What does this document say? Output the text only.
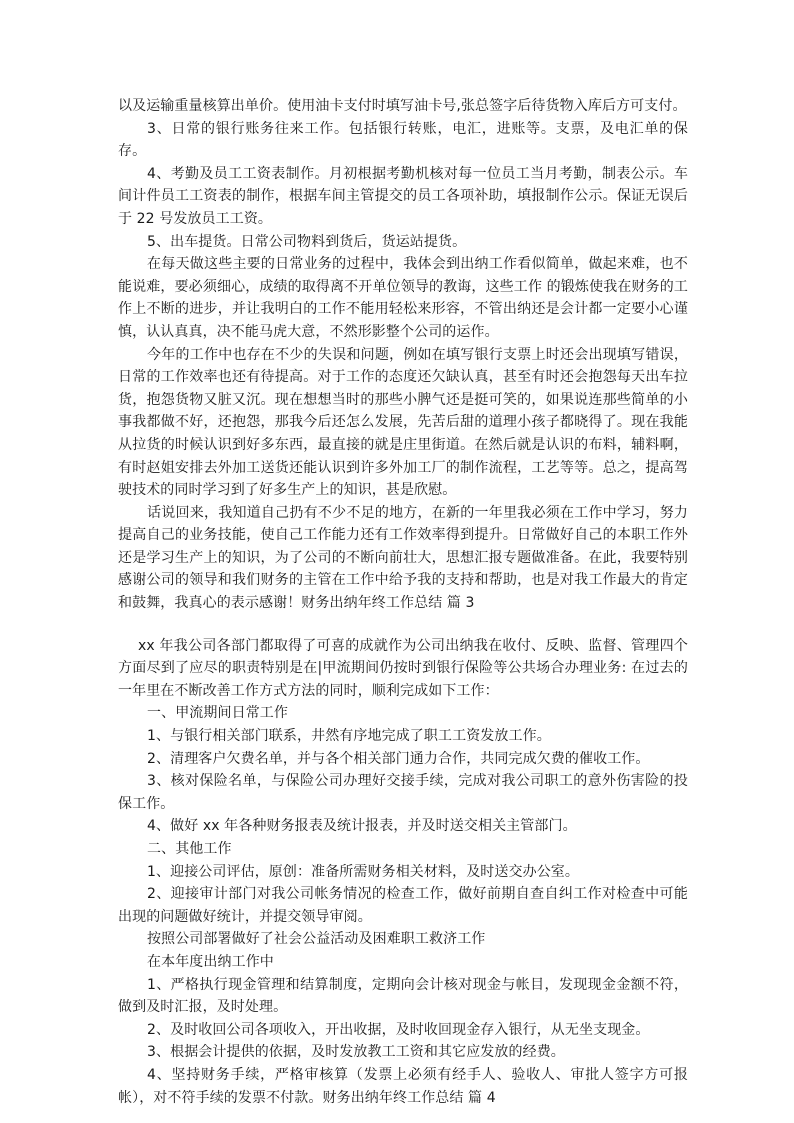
以及运输重量核算出单价。使用油卡支付时填写油卡号,张总签字后待货物入库后方可支付。

3、日常的银行账务往来工作。包括银行转账，电汇，进账等。支票，及电汇单的保存。

4、考勤及员工工资表制作。月初根据考勤机核对每一位员工当月考勤，制表公示。车间计件员工工资表的制作，根据车间主管提交的员工各项补助，填报制作公示。保证无误后于 22 号发放员工工资。

5、出车提货。日常公司物料到货后，货运站提货。

在每天做这些主要的日常业务的过程中，我体会到出纳工作看似简单，做起来难，也不能说难，要必须细心，成绩的取得离不开单位领导的教诲，这些工作 的锻炼使我在财务的工作上不断的进步，并让我明白的工作不能用轻松来形容，不管出纳还是会计都一定要小心谨慎，认认真真，决不能马虎大意，不然形影整个公司的运作。

今年的工作中也存在不少的失误和问题，例如在填写银行支票上时还会出现填写错误，日常的工作效率也还有待提高。对于工作的态度还欠缺认真，甚至有时还会抱怨每天出车拉货，抱怨货物又脏又沉。现在想想当时的那些小脾气还是挺可笑的，如果说连那些简单的小事我都做不好，还抱怨，那我今后还怎么发展，先苦后甜的道理小孩子都晓得了。现在我能从拉货的时候认识到好多东西，最直接的就是庄里街道。在然后就是认识的布料，辅料啊，有时赵姐安排去外加工送货还能认识到许多外加工厂的制作流程，工艺等等。总之，提高驾驶技术的同时学习到了好多生产上的知识，甚是欣慰。

话说回来，我知道自己扔有不少不足的地方，在新的一年里我必须在工作中学习，努力提高自己的业务技能，使自己工作能力还有工作效率得到提升。日常做好自己的本职工作外还是学习生产上的知识，为了公司的不断向前壮大，思想汇报专题做准备。在此，我要特别感谢公司的领导和我们财务的主管在工作中给予我的支持和帮助，也是对我工作最大的肯定和鼓舞，我真心的表示感谢！财务出纳年终工作总结 篇 3

xx 年我公司各部门都取得了可喜的成就作为公司出纳我在收付、反映、监督、管理四个方面尽到了应尽的职责特别是在|甲流期间仍按时到银行保险等公共场合办理业务: 在过去的一年里在不断改善工作方式方法的同时，顺利完成如下工作：

一、甲流期间日常工作

1、与银行相关部门联系，井然有序地完成了职工工资发放工作。

2、清理客户欠费名单，并与各个相关部门通力合作，共同完成欠费的催收工作。

3、核对保险名单，与保险公司办理好交接手续，完成对我公司职工的意外伤害险的投保工作。

4、做好 xx 年各种财务报表及统计报表，并及时送交相关主管部门。

二、其他工作

1、迎接公司评估，原创：准备所需财务相关材料，及时送交办公室。

2、迎接审计部门对我公司帐务情况的检查工作，做好前期自查自纠工作对检查中可能出现的问题做好统计，并提交领导审阅。

按照公司部署做好了社会公益活动及困难职工救济工作

在本年度出纳工作中

1、严格执行现金管理和结算制度，定期向会计核对现金与帐目，发现现金金额不符，做到及时汇报，及时处理。

2、及时收回公司各项收入，开出收据，及时收回现金存入银行，从无坐支现金。

3、根据会计提供的依据，及时发放教工工资和其它应发放的经费。

4、坚持财务手续，严格审核算（发票上必须有经手人、验收人、审批人签字方可报帐），对不符手续的发票不付款。财务出纳年终工作总结 篇 4
